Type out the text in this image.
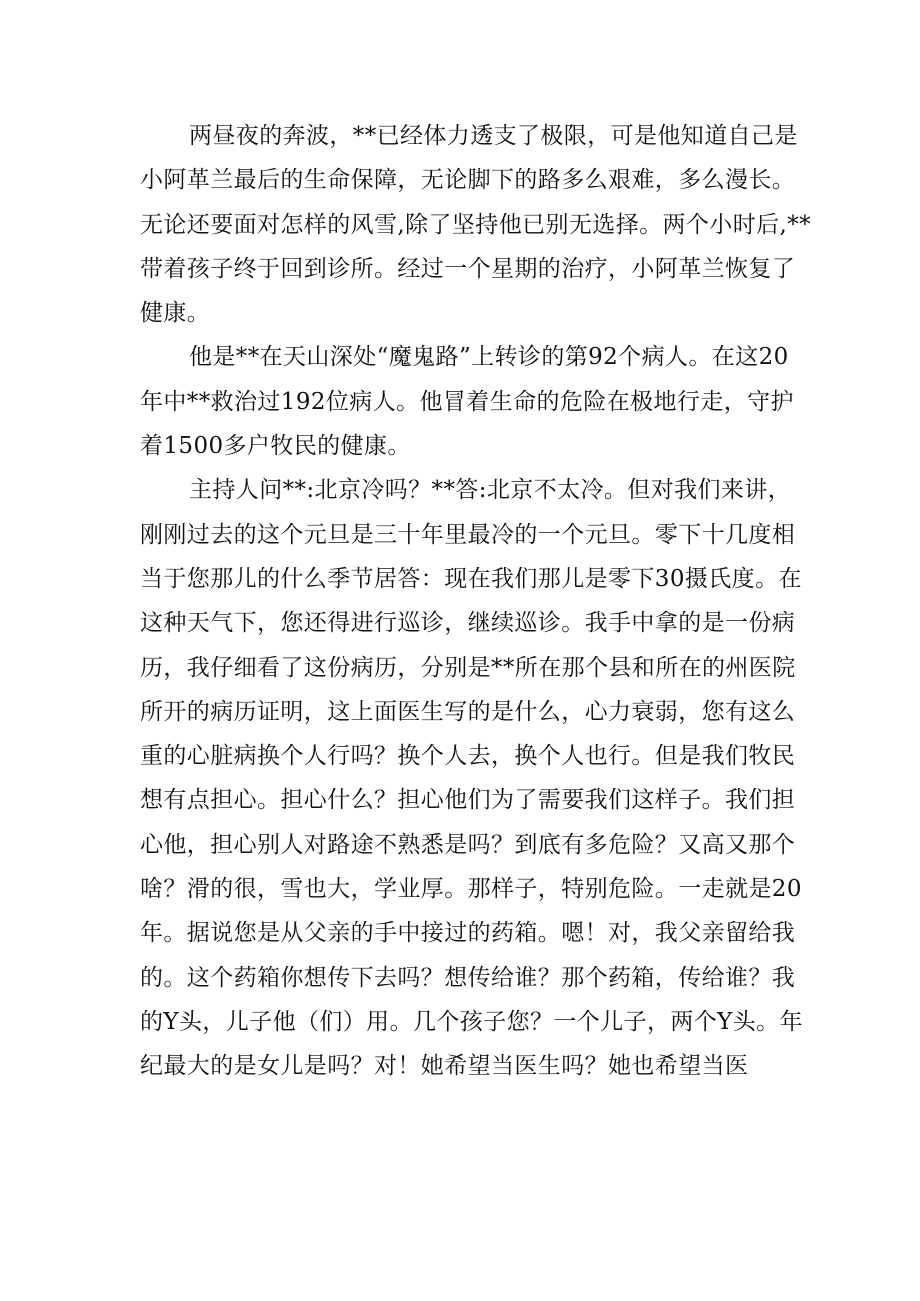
两昼夜的奔波，**已经体力透支了极限，可是他知道自己是小阿革兰最后的生命保障，无论脚下的路多么艰难，多么漫长。无论还要面对怎样的风雪,除了坚持他已别无选择。两个小时后,**带着孩子终于回到诊所。经过一个星期的治疗，小阿革兰恢复了健康。

他是**在天山深处“魔鬼路”上转诊的第92个病人。在这20年中**救治过192位病人。他冒着生命的危险在极地行走，守护着1500多户牧民的健康。

主持人问**:北京冷吗？**答:北京不太冷。但对我们来讲，刚刚过去的这个元旦是三十年里最冷的一个元旦。零下十几度相当于您那儿的什么季节居答：现在我们那儿是零下30摄氏度。在这种天气下，您还得进行巡诊，继续巡诊。我手中拿的是一份病历，我仔细看了这份病历，分别是**所在那个县和所在的州医院所开的病历证明，这上面医生写的是什么，心力衰弱，您有这么重的心脏病换个人行吗？换个人去，换个人也行。但是我们牧民想有点担心。担心什么？担心他们为了需要我们这样子。我们担心他，担心别人对路途不熟悉是吗？到底有多危险？又高又那个啥？滑的很，雪也大，学业厚。那样子，特别危险。一走就是20年。据说您是从父亲的手中接过的药箱。嗯！对，我父亲留给我的。这个药箱你想传下去吗？想传给谁？那个药箱，传给谁？我的Y头，儿子他（们）用。几个孩子您？一个儿子，两个Y头。年纪最大的是女儿是吗？对！她希望当医生吗？她也希望当医
